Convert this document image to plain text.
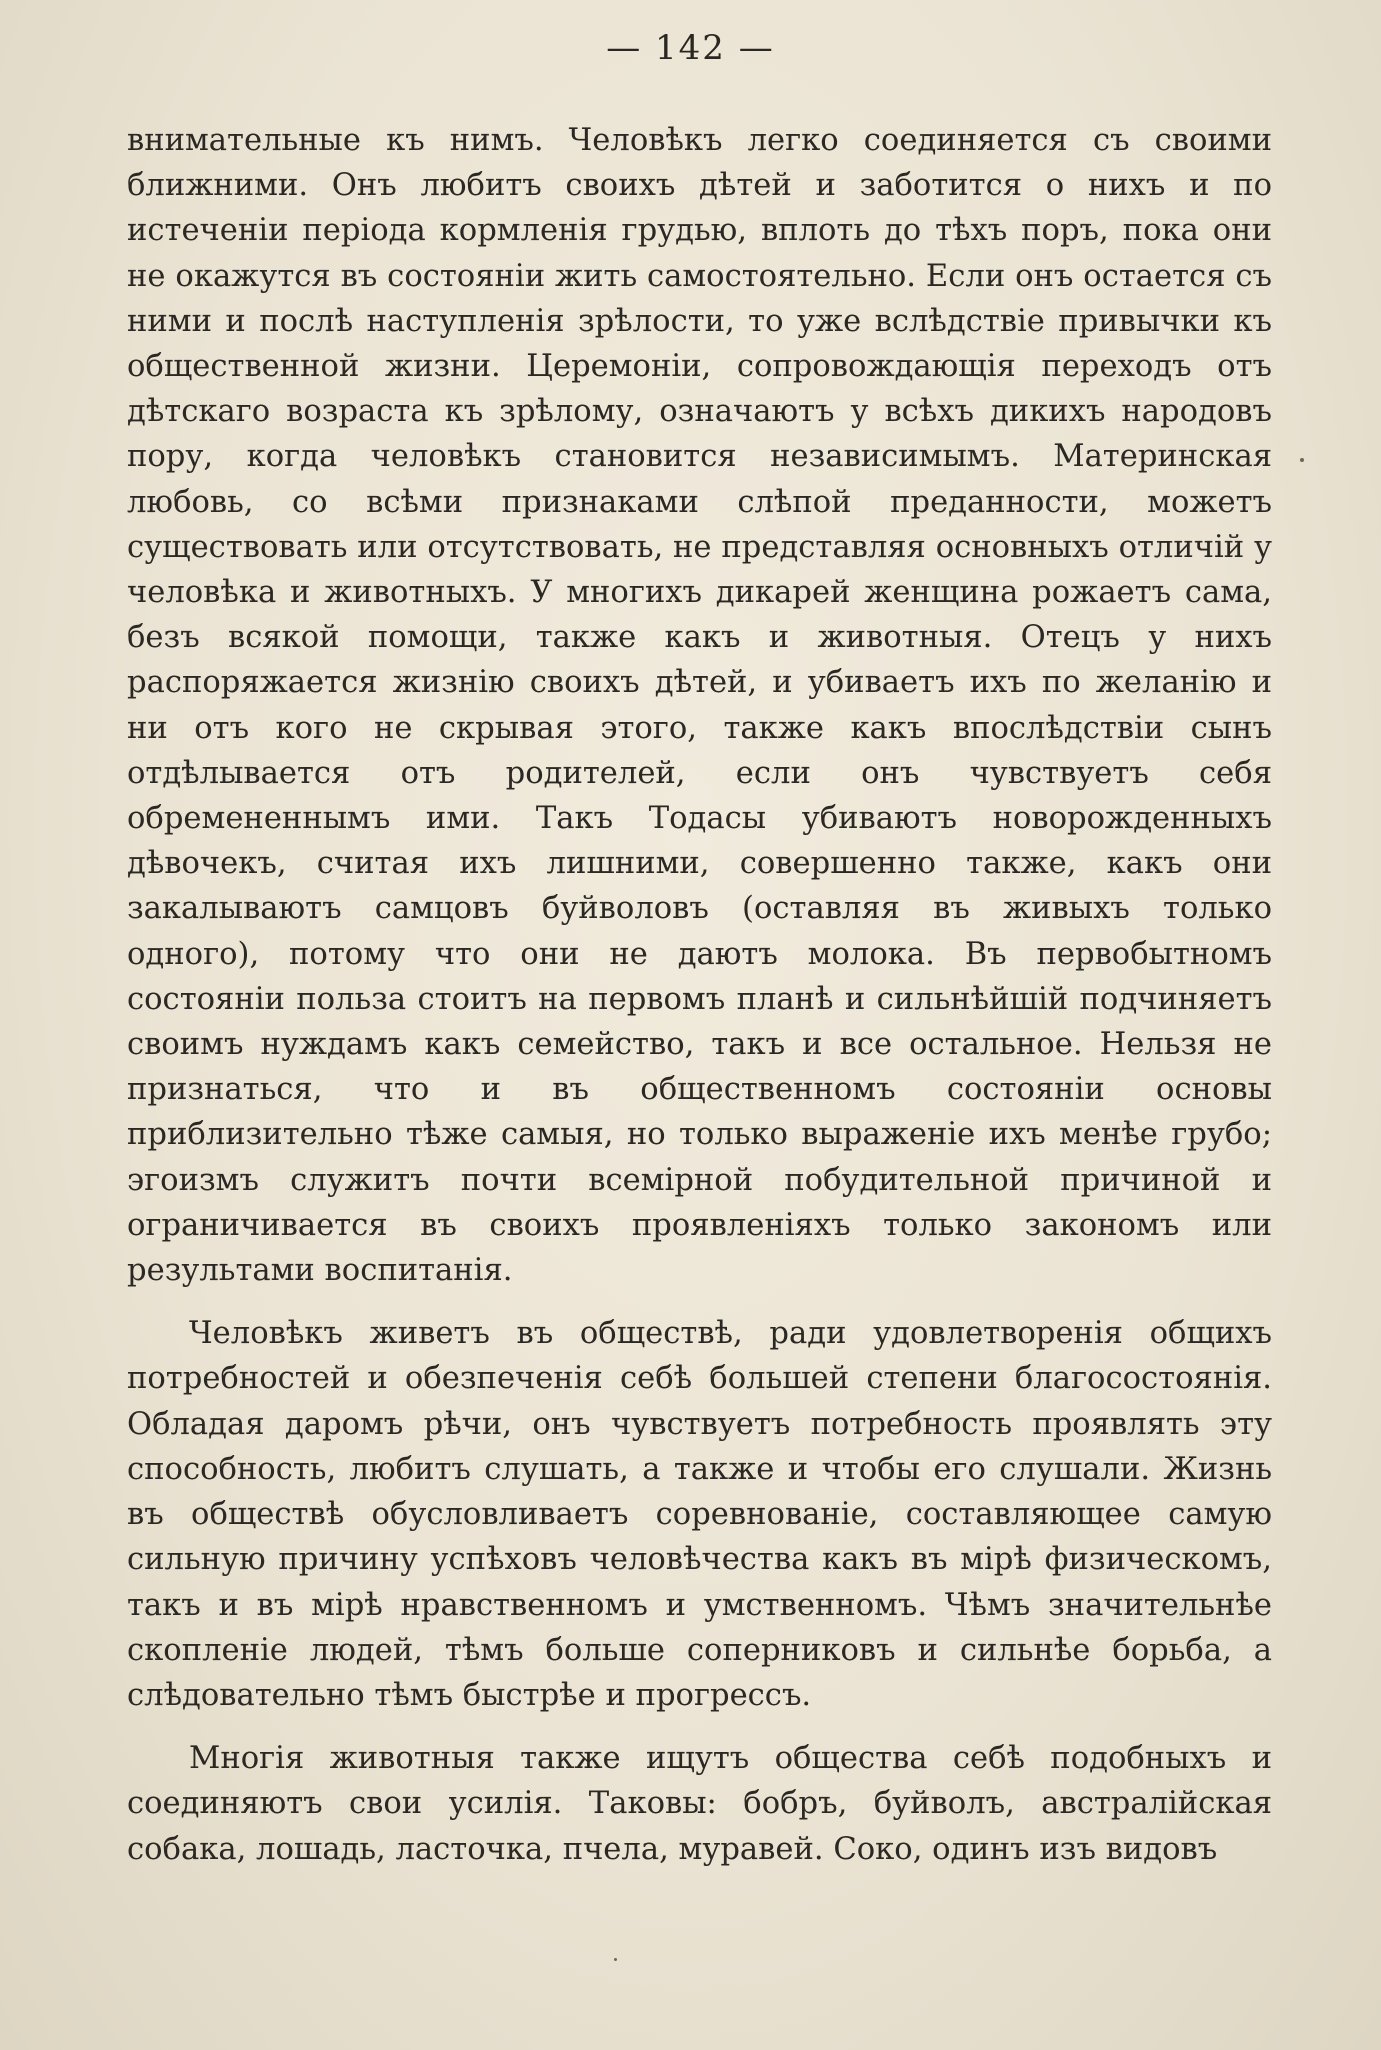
— 142 —

внимательные къ нимъ. Человѣкъ легко соединяется съ своими ближними. Онъ любитъ своихъ дѣтей и заботится о нихъ и по истеченіи періода кормленія грудью, вплоть до тѣхъ поръ, пока они не окажутся въ состояніи жить самостоятельно. Если онъ остается съ ними и послѣ наступленія зрѣлости, то уже вслѣдствіе привычки къ общественной жизни. Церемоніи, сопровождающія переходъ отъ дѣтскаго возраста къ зрѣлому, означаютъ у всѣхъ дикихъ народовъ пору, когда человѣкъ становится независимымъ. Материнская любовь, со всѣми признаками слѣпой преданности, можетъ существовать или отсутствовать, не представляя основныхъ отличій у человѣка и животныхъ. У многихъ дикарей женщина рожаетъ сама, безъ всякой помощи, также какъ и животныя. Отецъ у нихъ распоряжается жизнію своихъ дѣтей, и убиваетъ ихъ по желанію и ни отъ кого не скрывая этого, также какъ впослѣдствіи сынъ отдѣлывается отъ родителей, если онъ чувствуетъ себя обремененнымъ ими. Такъ Тодасы убиваютъ новорожденныхъ дѣвочекъ, считая ихъ лишними, совершенно также, какъ они закалываютъ самцовъ буйволовъ (оставляя въ живыхъ только одного), потому что они не даютъ молока. Въ первобытномъ состояніи польза стоитъ на первомъ планѣ и сильнѣйшій подчиняетъ своимъ нуждамъ какъ семейство, такъ и все остальное. Нельзя не признаться, что и въ общественномъ состояніи основы приблизительно тѣже самыя, но только выраженіе ихъ менѣе грубо; эгоизмъ служитъ почти всемірной побудительной причиной и ограничивается въ своихъ проявленіяхъ только закономъ или результами воспитанія.

Человѣкъ живетъ въ обществѣ, ради удовлетворенія общихъ потребностей и обезпеченія себѣ большей степени благосостоянія. Обладая даромъ рѣчи, онъ чувствуетъ потребность проявлять эту способность, любитъ слушать, а также и чтобы его слушали. Жизнь въ обществѣ обусловливаетъ соревнованіе, составляющее самую сильную причину успѣховъ человѣчества какъ въ мірѣ физическомъ, такъ и въ мірѣ нравственномъ и умственномъ. Чѣмъ значительнѣе скопленіе людей, тѣмъ больше соперниковъ и сильнѣе борьба, а слѣдовательно тѣмъ быстрѣе и прогрессъ.

Многія животныя также ищутъ общества себѣ подобныхъ и соединяютъ свои усилія. Таковы: бобръ, буйволъ, австралійская собака, лошадь, ласточка, пчела, муравей. Соко, одинъ изъ видовъ
